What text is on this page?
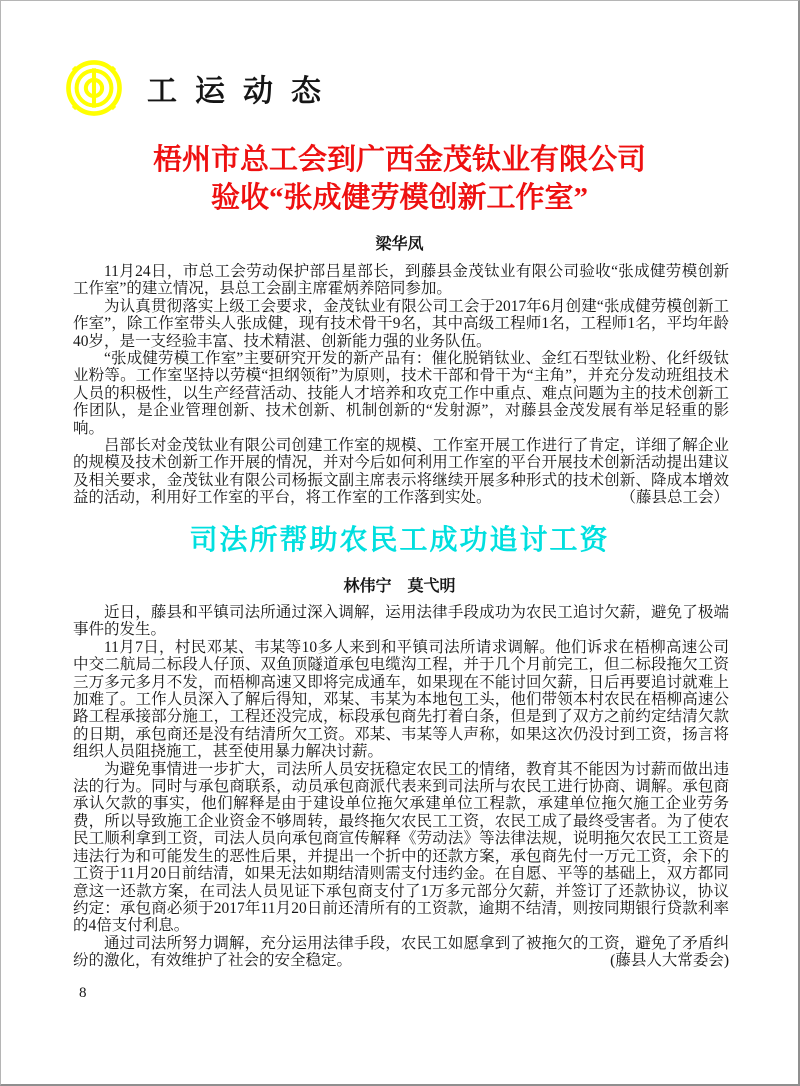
工运动态
梧州市总工会到广西金茂钛业有限公司
验收“张成健劳模创新工作室”
梁华凤

11月24日，市总工会劳动保护部吕星部长，到藤县金茂钛业有限公司验收“张成健劳模创新工作室”的建立情况，县总工会副主席霍炳养陪同参加。

为认真贯彻落实上级工会要求，金茂钛业有限公司工会于2017年6月创建“张成健劳模创新工作室”，除工作室带头人张成健，现有技术骨干9名，其中高级工程师1名，工程师1名，平均年龄40岁，是一支经验丰富、技术精湛、创新能力强的业务队伍。

“张成健劳模工作室”主要研究开发的新产品有：催化脱销钛业、金红石型钛业粉、化纤级钛业粉等。工作室坚持以劳模“担纲领衔”为原则，技术干部和骨干为“主角”，并充分发动班组技术人员的积极性，以生产经营活动、技能人才培养和攻克工作中重点、难点问题为主的技术创新工作团队，是企业管理创新、技术创新、机制创新的“发射源”，对藤县金茂发展有举足轻重的影响。

吕部长对金茂钛业有限公司创建工作室的规模、工作室开展工作进行了肯定，详细了解企业的规模及技术创新工作开展的情况，并对今后如何利用工作室的平台开展技术创新活动提出建议及相关要求，金茂钛业有限公司杨振文副主席表示将继续开展多种形式的技术创新、降成本增效益的活动，利用好工作室的平台，将工作室的工作落到实处。	（藤县总工会）

司法所帮助农民工成功追讨工资
林伟宁　莫弋明

近日，藤县和平镇司法所通过深入调解，运用法律手段成功为农民工追讨欠薪，避免了极端事件的发生。

11月7日，村民邓某、韦某等10多人来到和平镇司法所请求调解。他们诉求在梧柳高速公司中交二航局二标段人仔顶、双鱼顶隧道承包电缆沟工程，并于几个月前完工，但二标段拖欠工资三万多元多月不发，而梧柳高速又即将完成通车，如果现在不能讨回欠薪，日后再要追讨就难上加难了。工作人员深入了解后得知，邓某、韦某为本地包工头，他们带领本村农民在梧柳高速公路工程承接部分施工，工程还没完成，标段承包商先打着白条，但是到了双方之前约定结清欠款的日期，承包商还是没有结清所欠工资。邓某、韦某等人声称，如果这次仍没讨到工资，扬言将组织人员阻挠施工，甚至使用暴力解决讨薪。

为避免事情进一步扩大，司法所人员安抚稳定农民工的情绪，教育其不能因为讨薪而做出违法的行为。同时与承包商联系，动员承包商派代表来到司法所与农民工进行协商、调解。承包商承认欠款的事实，他们解释是由于建设单位拖欠承建单位工程款，承建单位拖欠施工企业劳务费，所以导致施工企业资金不够周转，最终拖欠农民工工资，农民工成了最终受害者。为了使农民工顺利拿到工资，司法人员向承包商宣传解释《劳动法》等法律法规，说明拖欠农民工工资是违法行为和可能发生的恶性后果，并提出一个折中的还款方案，承包商先付一万元工资，余下的工资于11月20日前结清，如果无法如期结清则需支付违约金。在自愿、平等的基础上，双方都同意这一还款方案，在司法人员见证下承包商支付了1万多元部分欠薪，并签订了还款协议，协议约定：承包商必须于2017年11月20日前还清所有的工资款，逾期不结清，则按同期银行贷款利率的4倍支付利息。

通过司法所努力调解，充分运用法律手段，农民工如愿拿到了被拖欠的工资，避免了矛盾纠纷的激化，有效维护了社会的安全稳定。	(藤县人大常委会)

8
